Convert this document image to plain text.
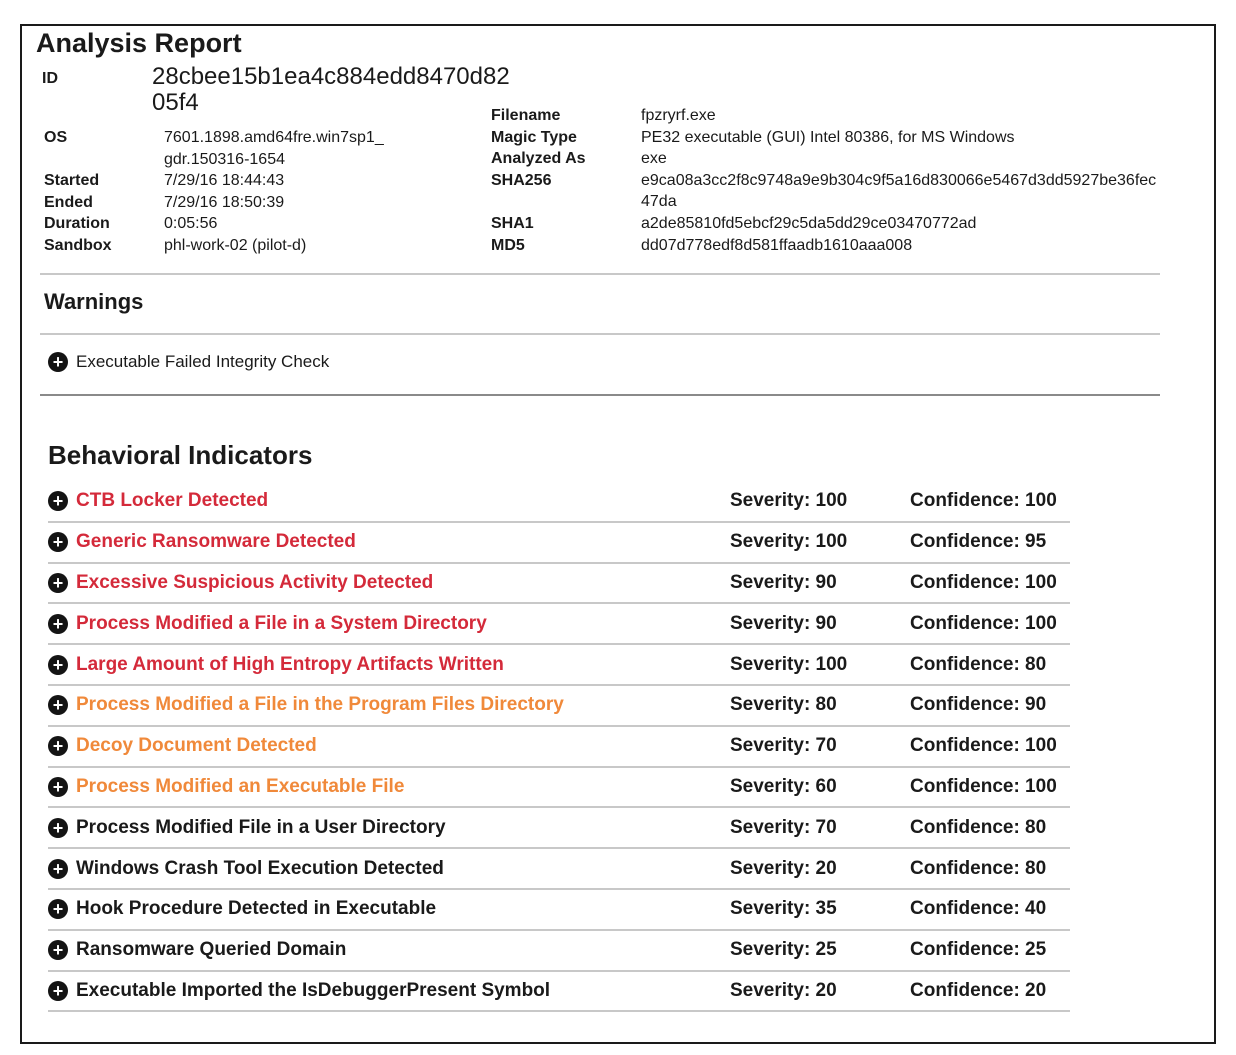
Analysis Report
ID	28cbee15b1ea4c884edd8470d8205f4
OS	7601.1898.amd64fre.win7sp1_ gdr.150316-1654
Started	7/29/16 18:44:43
Ended	7/29/16 18:50:39
Duration	0:05:56
Sandbox	phl-work-02 (pilot-d)
Filename	fpzryrf.exe
Magic Type	PE32 executable (GUI) Intel 80386, for MS Windows
Analyzed As	exe
SHA256	e9ca08a3cc2f8c9748a9e9b304c9f5a16d830066e5467d3dd5927be36fec47da
SHA1	a2de85810fd5ebcf29c5da5dd29ce03470772ad
MD5	dd07d778edf8d581ffaadb1610aaa008
Warnings
+ Executable Failed Integrity Check
Behavioral Indicators
+ CTB Locker Detected	Severity: 100	Confidence: 100
+ Generic Ransomware Detected	Severity: 100	Confidence: 95
+ Excessive Suspicious Activity Detected	Severity: 90	Confidence: 100
+ Process Modified a File in a System Directory	Severity: 90	Confidence: 100
+ Large Amount of High Entropy Artifacts Written	Severity: 100	Confidence: 80
+ Process Modified a File in the Program Files Directory	Severity: 80	Confidence: 90
+ Decoy Document Detected	Severity: 70	Confidence: 100
+ Process Modified an Executable File	Severity: 60	Confidence: 100
+ Process Modified File in a User Directory	Severity: 70	Confidence: 80
+ Windows Crash Tool Execution Detected	Severity: 20	Confidence: 80
+ Hook Procedure Detected in Executable	Severity: 35	Confidence: 40
+ Ransomware Queried Domain	Severity: 25	Confidence: 25
+ Executable Imported the IsDebuggerPresent Symbol	Severity: 20	Confidence: 20
